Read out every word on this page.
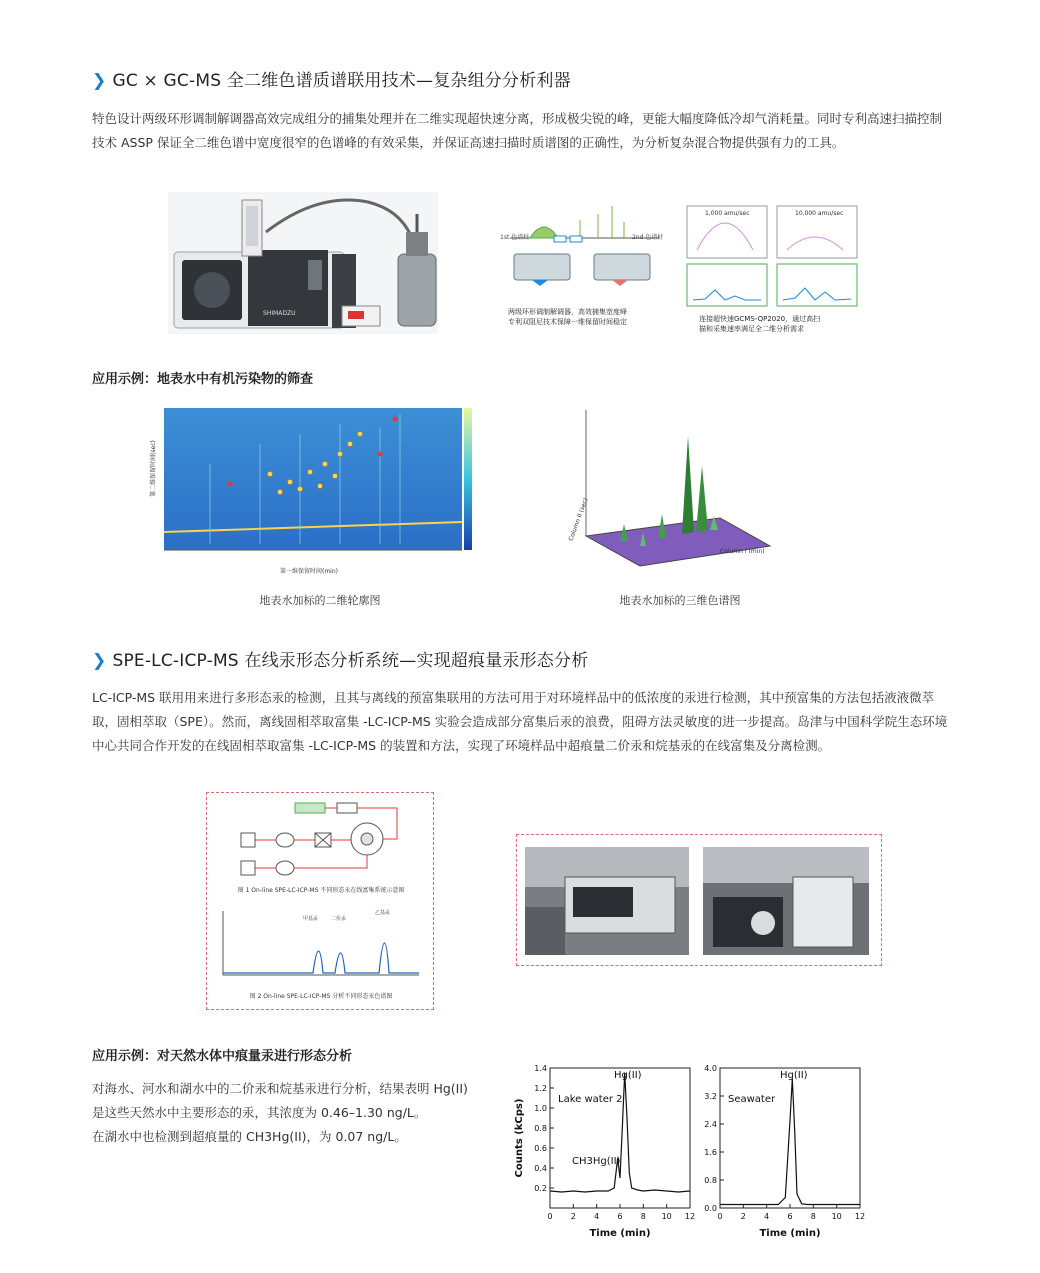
❯ GC × GC-MS 全二维色谱质谱联用技术—复杂组分分析利器
特色设计两级环形调制解调器高效完成组分的捕集处理并在二维实现超快速分离，形成极尖锐的峰，更能大幅度降低冷却气消耗量。同时专利高速扫描控制技术 ASSP 保证全二维色谱中宽度很窄的色谱峰的有效采集，并保证高速扫描时质谱图的正确性，为分析复杂混合物提供强有力的工具。
SHIMADZU
1st 色谱柱	2nd 色谱柱
两级环形调制解调器，高效捕集宽度峰
专利双阻尼技术保障一维保留时间稳定
1,000 amu/sec	10,000 amu/sec
连接超快速GCMS-QP2020，通过高扫
描和采集速率满足全二维分析需求
应用示例：地表水中有机污染物的筛查
第一维保留时间(min)
第二维保留时间(sec)
地表水加标的二维轮廓图
Column I (min)
Column II (sec)
地表水加标的三维色谱图
❯ SPE-LC-ICP-MS 在线汞形态分析系统—实现超痕量汞形态分析
LC-ICP-MS 联用用来进行多形态汞的检测，且其与离线的预富集联用的方法可用于对环境样品中的低浓度的汞进行检测，其中预富集的方法包括液液微萃取，固相萃取（SPE）。然而，离线固相萃取富集 -LC-ICP-MS 实验会造成部分富集后汞的浪费，阻碍方法灵敏度的进一步提高。岛津与中国科学院生态环境中心共同合作开发的在线固相萃取富集 -LC-ICP-MS 的装置和方法，实现了环境样品中超痕量二价汞和烷基汞的在线富集及分离检测。
图 1 On-line SPE-LC-ICP-MS 不同形态汞在线富集系统示意图
甲基汞	二价汞
乙基汞
图 2 On-line SPE-LC-ICP-MS 分析不同形态汞色谱图
应用示例：对天然水体中痕量汞进行形态分析
对海水、河水和湖水中的二价汞和烷基汞进行分析，结果表明 Hg(II) 是这些天然水中主要形态的汞，其浓度为 0.46–1.30 ng/L。
在湖水中也检测到超痕量的 CH3Hg(II)，为 0.07 ng/L。
0.2
0.4
0.6
0.8
1.0
1.2
1.4
0 2 4 6 8 10 12
Lake water 2
Hg(II)
CH3Hg(II)
Time (min)
Counts (kCps)
0.0
0.8
1.6
2.4
3.2
4.0
0 2 4 6 8 10 12
Seawater
Hg(II)
Time (min)
